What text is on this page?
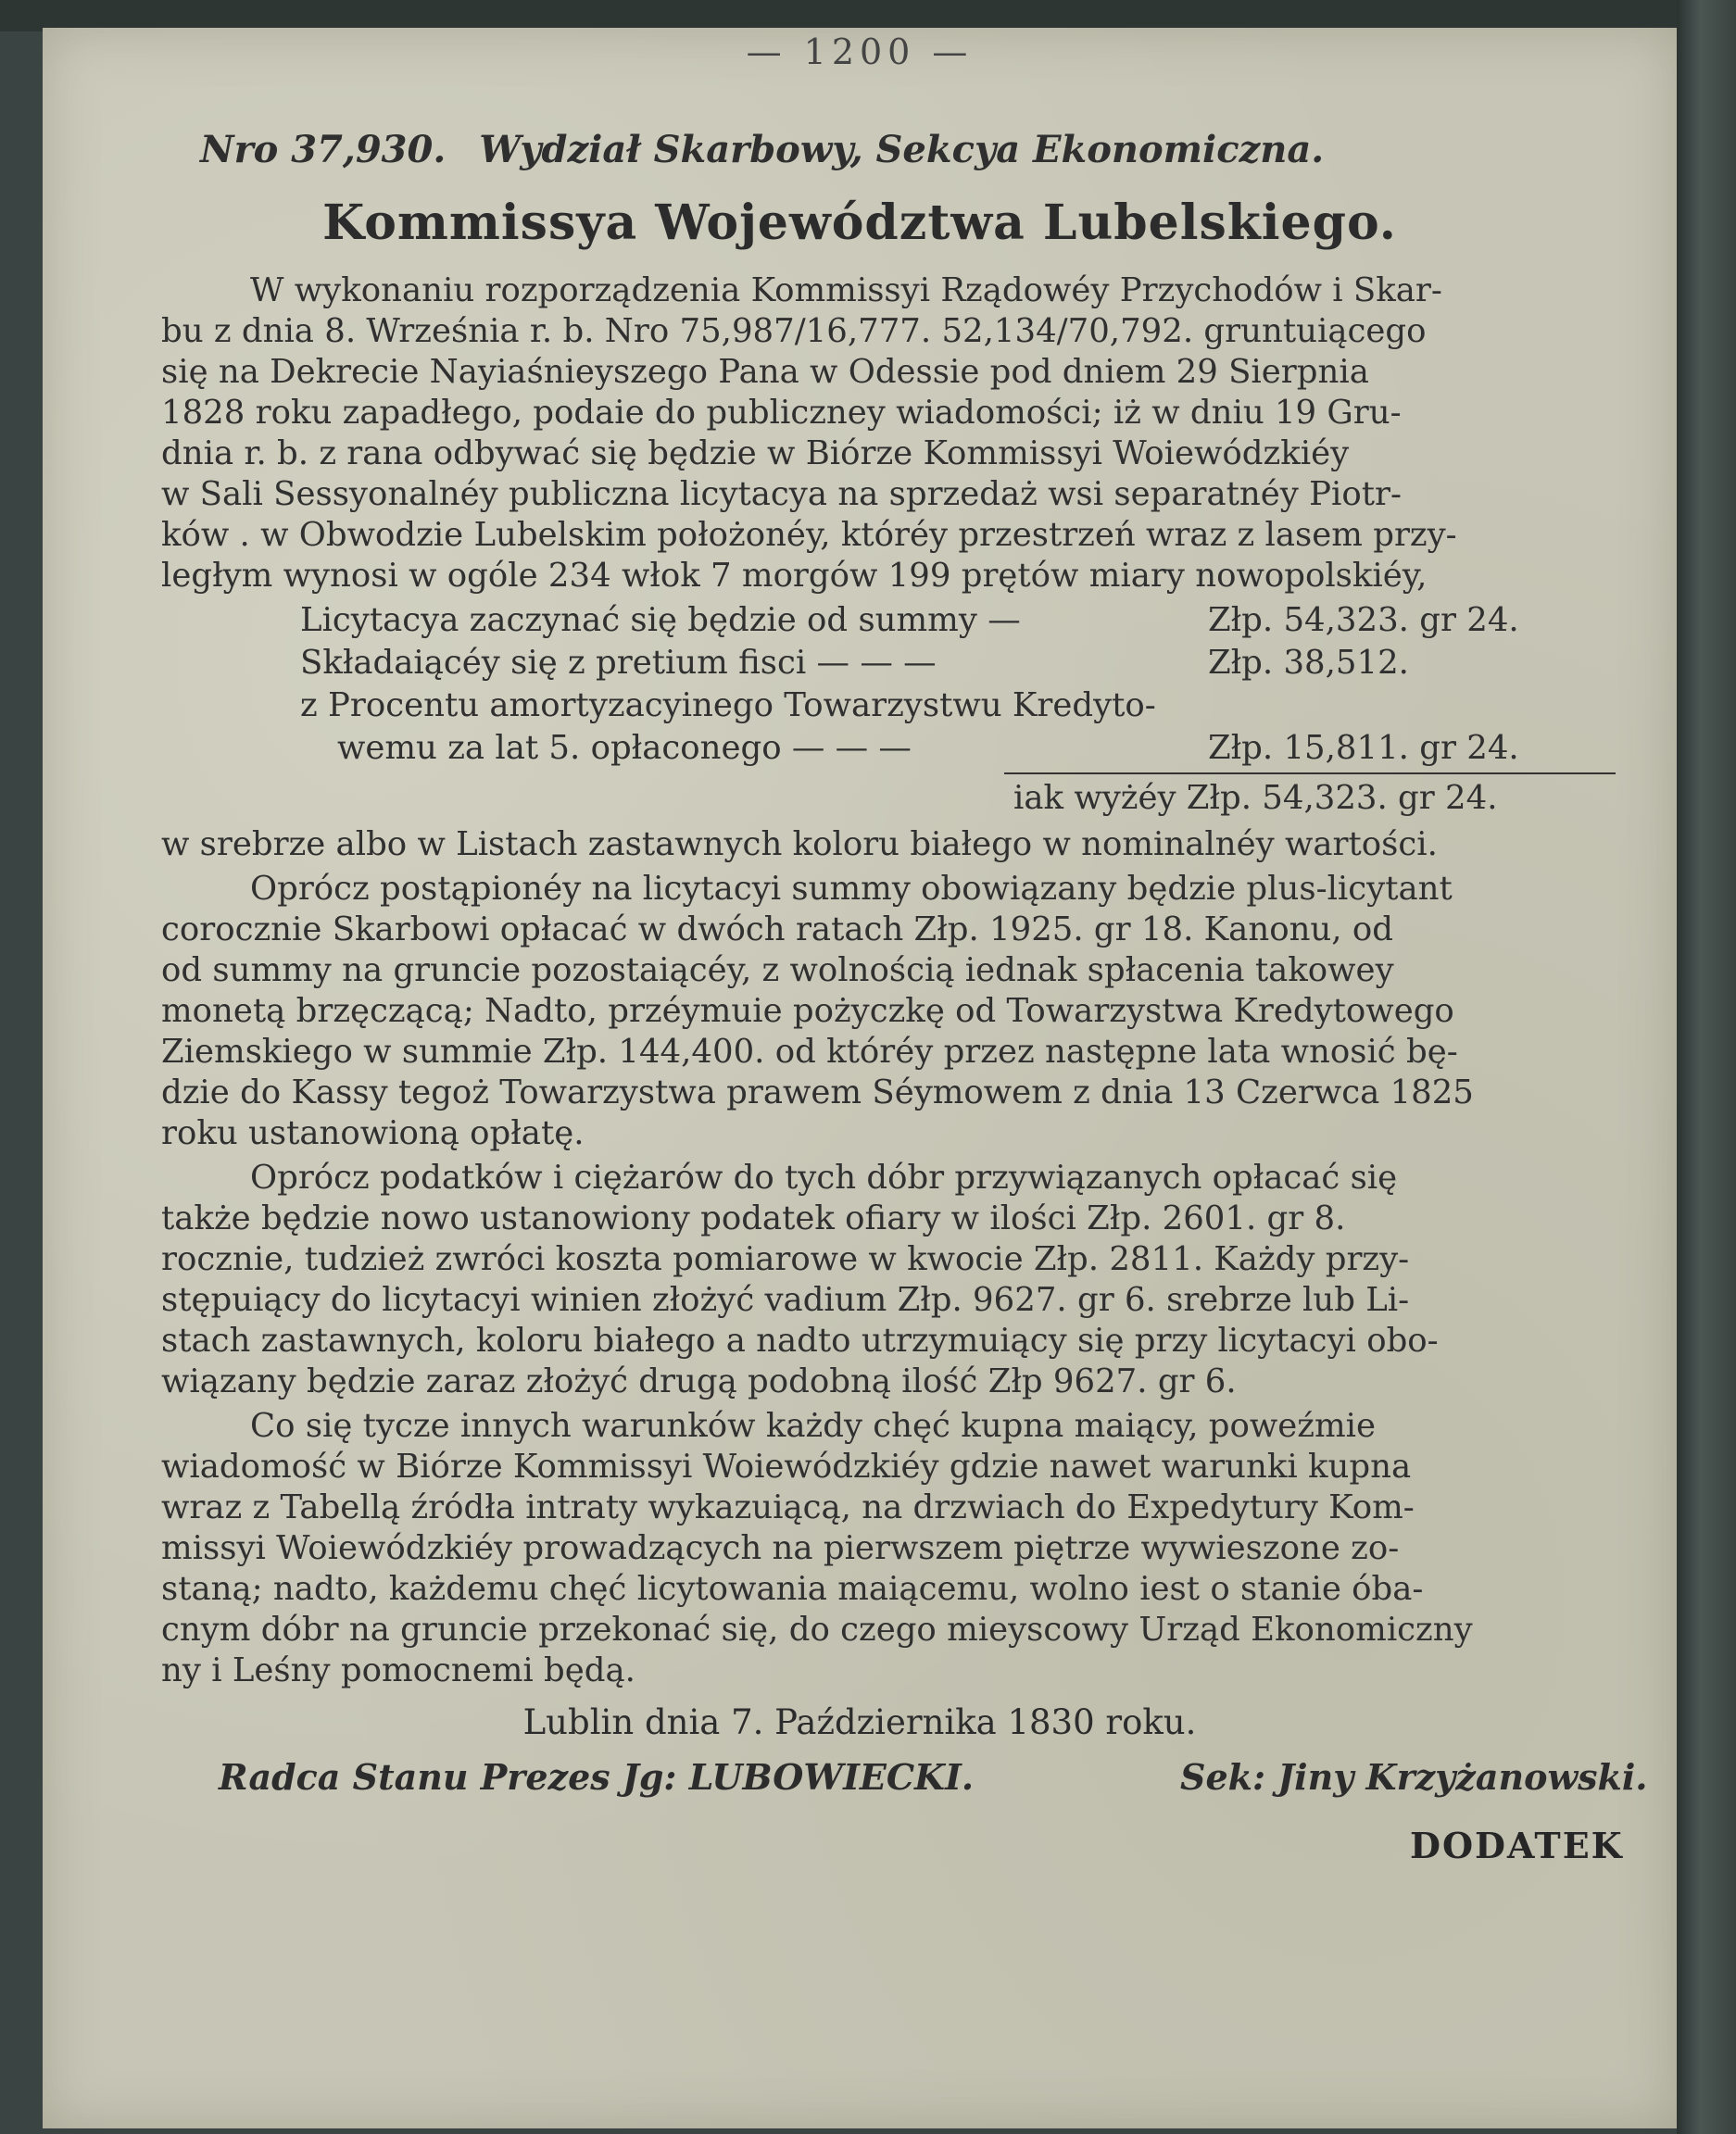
— 1200 —
Nro 37,930. Wydział Skarbowy, Sekcya Ekonomiczna.
Kommissya Województwa Lubelskiego.

W wykonaniu rozporządzenia Kommissyi Rządowéy Przychodów i Skar-
bu z dnia 8. Września r. b. Nro 75,987/16,777. 52,134/70,792. gruntuiącego
się na Dekrecie Nayiaśnieyszego Pana w Odessie pod dniem 29 Sierpnia
1828 roku zapadłego, podaie do publiczney wiadomości; iż w dniu 19 Gru-
dnia r. b. z rana odbywać się będzie w Biórze Kommissyi Woiewódzkiéy
w Sali Sessyonalnéy publiczna licytacya na sprzedaż wsi separatnéy Piotr-
ków . w Obwodzie Lubelskim położonéy, któréy przestrzeń wraz z lasem przy-
ległym wynosi w ogóle 234 włok 7 morgów 199 prętów miary nowopolskiéy,

Licytacya zaczynać się będzie od summy —	Złp. 54,323. gr 24.
Składaiącéy się z pretium fisci — — —	Złp. 38,512.
z Procentu amortyzacyinego Towarzystwu Kredyto-
wemu za lat 5. opłaconego — — —	Złp. 15,811. gr 24.
iak wyżéy Złp. 54,323. gr 24.

w srebrze albo w Listach zastawnych koloru białego w nominalnéy wartości.

Oprócz postąpionéy na licytacyi summy obowiązany będzie plus-licytant
corocznie Skarbowi opłacać w dwóch ratach Złp. 1925. gr 18. Kanonu, od
od summy na gruncie pozostaiącéy, z wolnością iednak spłacenia takowey
monetą brzęczącą; Nadto, przéymuie pożyczkę od Towarzystwa Kredytowego
Ziemskiego w summie Złp. 144,400. od któréy przez następne lata wnosić bę-
dzie do Kassy tegoż Towarzystwa prawem Séymowem z dnia 13 Czerwca 1825
roku ustanowioną opłatę.

Oprócz podatków i ciężarów do tych dóbr przywiązanych opłacać się
także będzie nowo ustanowiony podatek ofiary w ilości Złp. 2601. gr 8.
rocznie, tudzież zwróci koszta pomiarowe w kwocie Złp. 2811. Każdy przy-
stępuiący do licytacyi winien złożyć vadium Złp. 9627. gr 6. srebrze lub Li-
stach zastawnych, koloru białego a nadto utrzymuiący się przy licytacyi obo-
wiązany będzie zaraz złożyć drugą podobną ilość Złp 9627. gr 6.

Co się tycze innych warunków każdy chęć kupna maiący, poweźmie
wiadomość w Biórze Kommissyi Woiewódzkiéy gdzie nawet warunki kupna
wraz z Tabellą źródła intraty wykazuiącą, na drzwiach do Expedytury Kom-
missyi Woiewódzkiéy prowadzących na pierwszem piętrze wywieszone zo-
staną; nadto, każdemu chęć licytowania maiącemu, wolno iest o stanie óba-
cnym dóbr na gruncie przekonać się, do czego mieyscowy Urząd Ekonomiczny
ny i Leśny pomocnemi będą.

Lublin dnia 7. Października 1830 roku.
Radca Stanu Prezes Jg: LUBOWIECKI.	Sek: Jiny Krzyżanowski.
DODATEK
